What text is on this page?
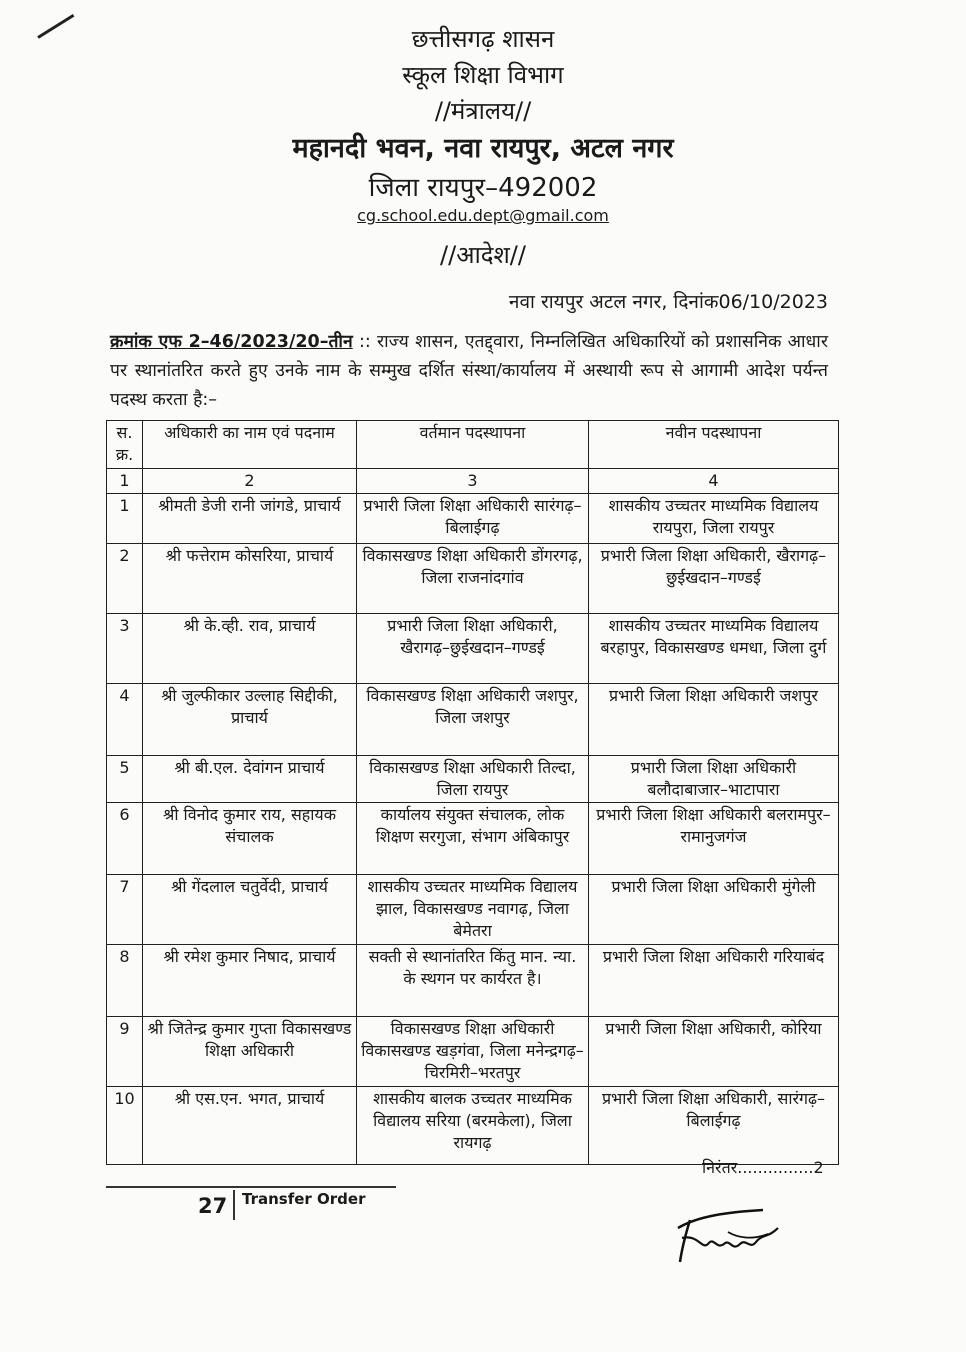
छत्तीसगढ़ शासन
स्कूल शिक्षा विभाग
//मंत्रालय//
महानदी भवन, नवा रायपुर, अटल नगर
जिला रायपुर–492002
cg.school.edu.dept@gmail.com
//आदेश//
नवा रायपुर अटल नगर, दिनांक06/10/2023
क्रमांक एफ 2–46/2023/20–तीन :: राज्य शासन, एतद्द्वारा, निम्नलिखित अधिकारियों को प्रशासनिक आधार पर स्थानांतरित करते हुए उनके नाम के सम्मुख दर्शित संस्था/कार्यालय में अस्थायी रूप से आगामी आदेश पर्यन्त पदस्थ करता है:–
स. क्र.	अधिकारी का नाम एवं पदनाम	वर्तमान पदस्थापना	नवीन पदस्थापना
1	2	3	4
1	श्रीमती डेजी रानी जांगडे, प्राचार्य	प्रभारी जिला शिक्षा अधिकारी सारंगढ़–बिलाईगढ़	शासकीय उच्चतर माध्यमिक विद्यालय रायपुरा, जिला रायपुर
2	श्री फत्तेराम कोसरिया, प्राचार्य	विकासखण्ड शिक्षा अधिकारी डोंगरगढ़, जिला राजनांदगांव	प्रभारी जिला शिक्षा अधिकारी, खैरागढ़–छुईखदान–गण्डई
3	श्री के.व्ही. राव, प्राचार्य	प्रभारी जिला शिक्षा अधिकारी, खैरागढ़–छुईखदान–गण्डई	शासकीय उच्चतर माध्यमिक विद्यालय बरहापुर, विकासखण्ड धमधा, जिला दुर्ग
4	श्री जुल्फीकार उल्लाह सिद्दीकी, प्राचार्य	विकासखण्ड शिक्षा अधिकारी जशपुर, जिला जशपुर	प्रभारी जिला शिक्षा अधिकारी जशपुर
5	श्री बी.एल. देवांगन प्राचार्य	विकासखण्ड शिक्षा अधिकारी तिल्दा, जिला रायपुर	प्रभारी जिला शिक्षा अधिकारी बलौदाबाजार–भाटापारा
6	श्री विनोद कुमार राय, सहायक संचालक	कार्यालय संयुक्त संचालक, लोक शिक्षण सरगुजा, संभाग अंबिकापुर	प्रभारी जिला शिक्षा अधिकारी बलरामपुर–रामानुजगंज
7	श्री गेंदलाल चतुर्वेदी, प्राचार्य	शासकीय उच्चतर माध्यमिक विद्यालय झाल, विकासखण्ड नवागढ़, जिला बेमेतरा	प्रभारी जिला शिक्षा अधिकारी मुंगेली
8	श्री रमेश कुमार निषाद, प्राचार्य	सक्ती से स्थानांतरित किंतु मान. न्या. के स्थगन पर कार्यरत है।	प्रभारी जिला शिक्षा अधिकारी गरियाबंद
9	श्री जितेन्द्र कुमार गुप्ता विकासखण्ड शिक्षा अधिकारी	विकासखण्ड शिक्षा अधिकारी विकासखण्ड खड़गंवा, जिला मनेन्द्रगढ़–चिरमिरी–भरतपुर	प्रभारी जिला शिक्षा अधिकारी, कोरिया
10	श्री एस.एन. भगत, प्राचार्य	शासकीय बालक उच्चतर माध्यमिक विद्यालय सरिया (बरमकेला), जिला रायगढ़	प्रभारी जिला शिक्षा अधिकारी, सारंगढ़–बिलाईगढ़
निरंतर...............2
27 Transfer Order
